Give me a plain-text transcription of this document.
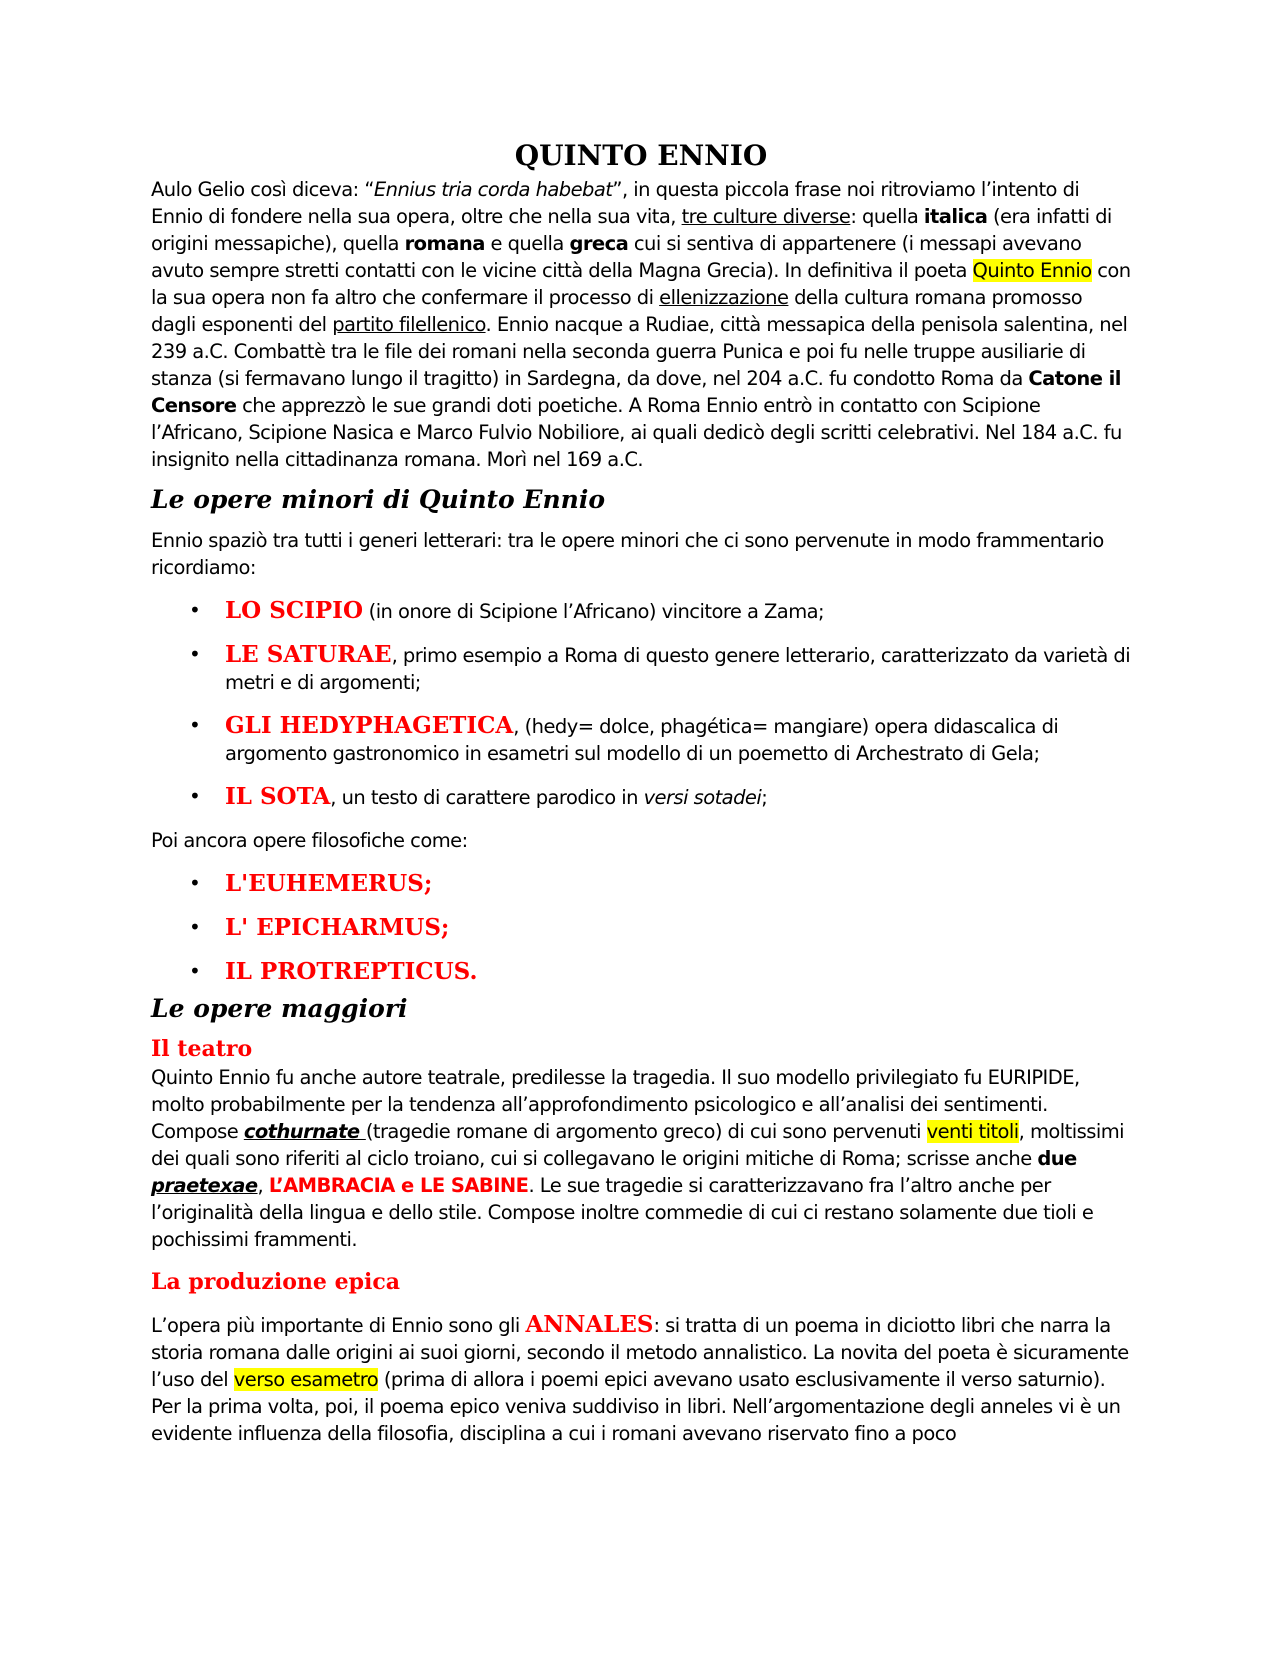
QUINTO ENNIO

Aulo Gelio così diceva: “Ennius tria corda habebat”, in questa piccola frase noi ritroviamo l’intento di Ennio di fondere nella sua opera, oltre che nella sua vita, tre culture diverse: quella italica (era infatti di origini messapiche), quella romana e quella greca cui si sentiva di appartenere (i messapi avevano avuto sempre stretti contatti con le vicine città della Magna Grecia). In definitiva il poeta Quinto Ennio con la sua opera non fa altro che confermare il processo di ellenizzazione della cultura romana promosso dagli esponenti del partito filellenico. Ennio nacque a Rudiae, città messapica della penisola salentina, nel 239 a.C. Combattè tra le file dei romani nella seconda guerra Punica e poi fu nelle truppe ausiliarie di stanza (si fermavano lungo il tragitto) in Sardegna, da dove, nel 204 a.C. fu condotto Roma da Catone il Censore che apprezzò le sue grandi doti poetiche. A Roma Ennio entrò in contatto con Scipione l’Africano, Scipione Nasica e Marco Fulvio Nobiliore, ai quali dedicò degli scritti celebrativi. Nel 184 a.C. fu insignito nella cittadinanza romana. Morì nel 169 a.C.

Le opere minori di Quinto Ennio

Ennio spaziò tra tutti i generi letterari: tra le opere minori che ci sono pervenute in modo frammentario ricordiamo:

• LO SCIPIO (in onore di Scipione l’Africano) vincitore a Zama;
• LE SATURAE, primo esempio a Roma di questo genere letterario, caratterizzato da varietà di metri e di argomenti;
• GLI HEDYPHAGETICA, (hedy= dolce, phagética= mangiare) opera didascalica di argomento gastronomico in esametri sul modello di un poemetto di Archestrato di Gela;
• IL SOTA, un testo di carattere parodico in versi sotadei;

Poi ancora opere filosofiche come:

• L'EUHEMERUS;
• L' EPICHARMUS;
• IL PROTREPTICUS.
Le opere maggiori
Il teatro

Quinto Ennio fu anche autore teatrale, predilesse la tragedia. Il suo modello privilegiato fu EURIPIDE, molto probabilmente per la tendenza all’approfondimento psicologico e all’analisi dei sentimenti. Compose cothurnate (tragedie romane di argomento greco) di cui sono pervenuti venti titoli, moltissimi dei quali sono riferiti al ciclo troiano, cui si collegavano le origini mitiche di Roma; scrisse anche due praetexae, L’AMBRACIA e LE SABINE. Le sue tragedie si caratterizzavano fra l’altro anche per l’originalità della lingua e dello stile. Compose inoltre commedie di cui ci restano solamente due tioli e pochissimi frammenti.

La produzione epica

L’opera più importante di Ennio sono gli ANNALES: si tratta di un poema in diciotto libri che narra la storia romana dalle origini ai suoi giorni, secondo il metodo annalistico. La novita del poeta è sicuramente l’uso del verso esametro (prima di allora i poemi epici avevano usato esclusivamente il verso saturnio). Per la prima volta, poi, il poema epico veniva suddiviso in libri. Nell’argomentazione degli anneles vi è un evidente influenza della filosofia, disciplina a cui i romani avevano riservato fino a poco
